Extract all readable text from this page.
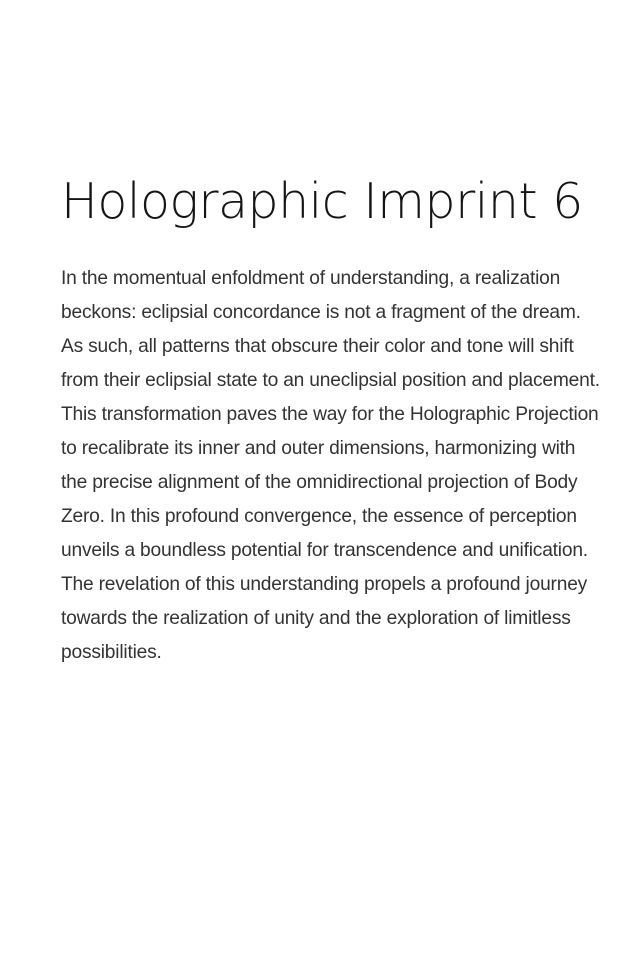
Holographic Imprint 6

In the momentual enfoldment of understanding, a realization beckons: eclipsial concordance is not a fragment of the dream. As such, all patterns that obscure their color and tone will shift from their eclipsial state to an uneclipsial position and placement. This transformation paves the way for the Holographic Projection to recalibrate its inner and outer dimensions, harmonizing with the precise alignment of the omnidirectional projection of Body Zero. In this profound convergence, the essence of perception unveils a boundless potential for transcendence and unification. The revelation of this understanding propels a profound journey towards the realization of unity and the exploration of limitless possibilities.
